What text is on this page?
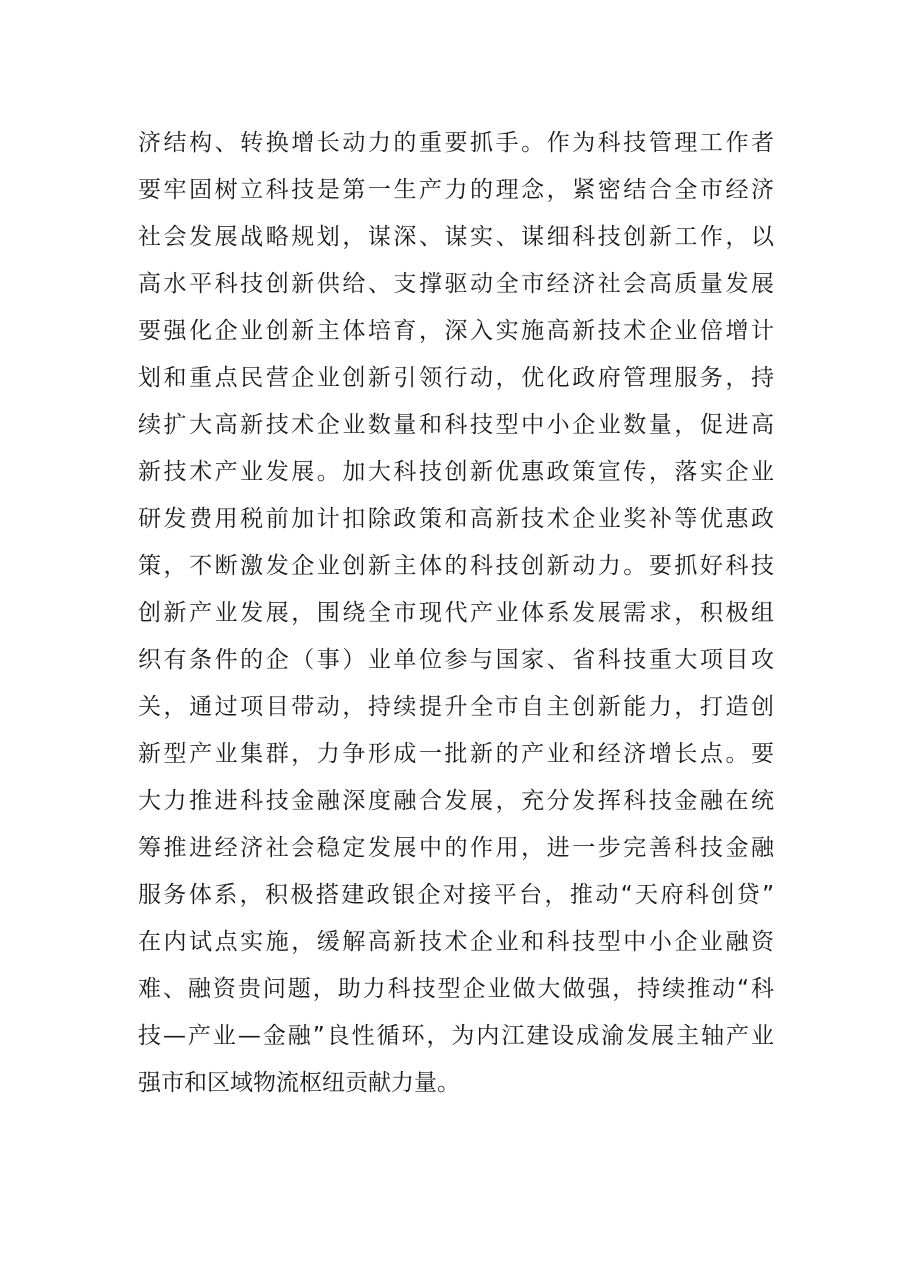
济结构、转换增长动力的重要抓手。作为科技管理工作者
要牢固树立科技是第一生产力的理念，紧密结合全市经济
社会发展战略规划，谋深、谋实、谋细科技创新工作，以
高水平科技创新供给、支撑驱动全市经济社会高质量发展
要强化企业创新主体培育，深入实施高新技术企业倍增计
划和重点民营企业创新引领行动，优化政府管理服务，持
续扩大高新技术企业数量和科技型中小企业数量，促进高
新技术产业发展。加大科技创新优惠政策宣传，落实企业
研发费用税前加计扣除政策和高新技术企业奖补等优惠政
策，不断激发企业创新主体的科技创新动力。要抓好科技
创新产业发展，围绕全市现代产业体系发展需求，积极组
织有条件的企（事）业单位参与国家、省科技重大项目攻
关，通过项目带动，持续提升全市自主创新能力，打造创
新型产业集群，力争形成一批新的产业和经济增长点。要
大力推进科技金融深度融合发展，充分发挥科技金融在统
筹推进经济社会稳定发展中的作用，进一步完善科技金融
服务体系，积极搭建政银企对接平台，推动“天府科创贷”
在内试点实施，缓解高新技术企业和科技型中小企业融资
难、融资贵问题，助力科技型企业做大做强，持续推动“科
技—产业—金融”良性循环，为内江建设成渝发展主轴产业
强市和区域物流枢纽贡献力量。
